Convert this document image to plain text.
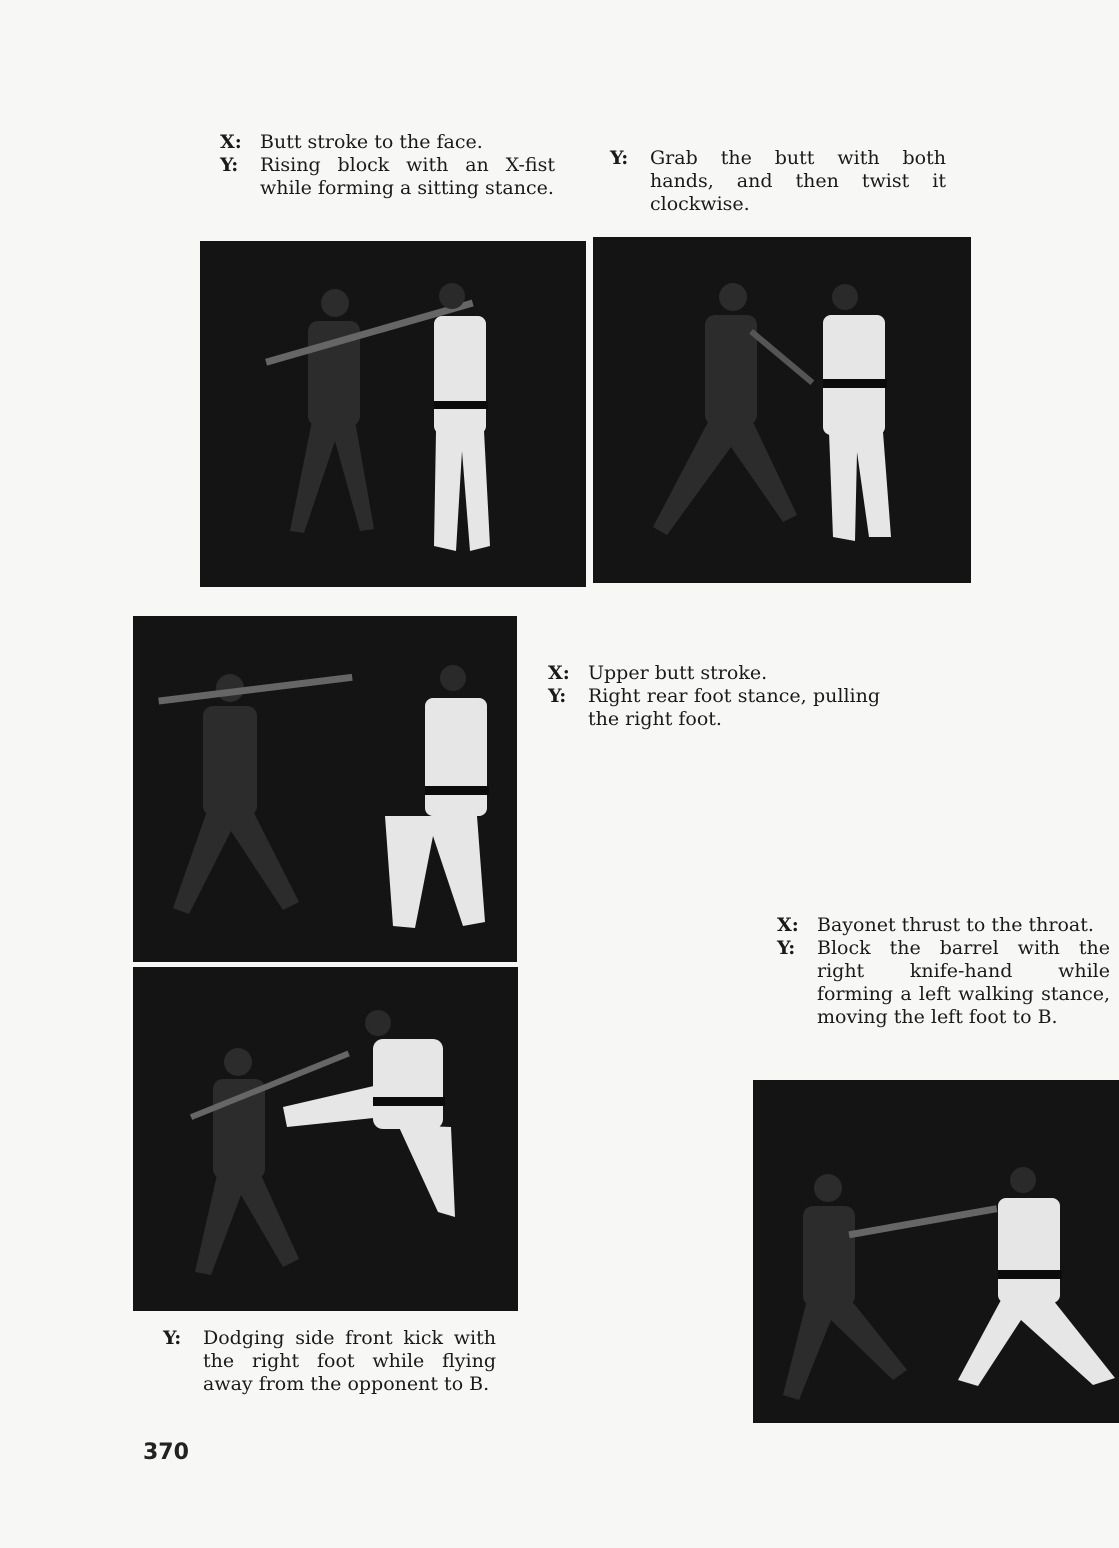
X: Butt stroke to the face.
Y: Rising block with an X-fist while forming a sitting stance.
Y: Grab the butt with both hands, and then twist it clockwise.
X: Upper butt stroke.
Y: Right rear foot stance, pulling the right foot.
X: Bayonet thrust to the throat.
Y: Block the barrel with the right knife-hand while forming a left walking stance, moving the left foot to B.
Y: Dodging side front kick with the right foot while flying away from the opponent to B.
370
